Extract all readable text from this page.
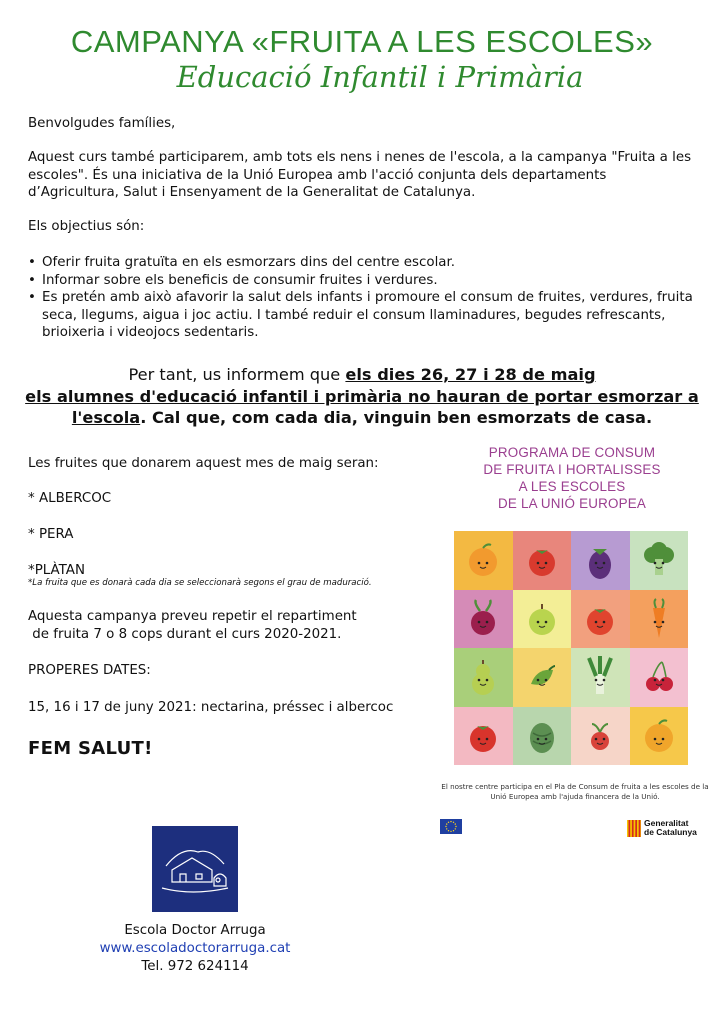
CAMPANYA «FRUITA A LES ESCOLES»
Educació Infantil i Primària
Benvolgudes famílies,
Aquest curs també participarem, amb tots els nens i nenes de l'escola, a la campanya "Fruita a les escoles". És una iniciativa de la Unió Europea amb l'acció conjunta dels departaments d’Agricultura, Salut i Ensenyament de la Generalitat de Catalunya.
Els objectius són:
• Oferir fruita gratuïta en els esmorzars dins del centre escolar.
• Informar sobre els beneficis de consumir fruites i verdures.
• Es pretén amb això afavorir la salut dels infants i promoure el consum de fruites, verdures, fruita seca, llegums, aigua i joc actiu. I també reduir el consum llaminadures, begudes refrescants, brioixeria i videojocs sedentaris.
Per tant, us informem que els dies 26, 27 i 28 de maig
els alumnes d'educació infantil i primària no hauran de portar esmorzar a l'escola. Cal que, com cada dia, vinguin ben esmorzats de casa.
Les fruites que donarem aquest mes de maig seran:
* ALBERCOC
* PERA
*PLÀTAN
*La fruita que es donarà cada dia se seleccionarà segons el grau de maduració.
Aquesta campanya preveu repetir el repartiment
de fruita 7 o 8 cops durant el curs 2020-2021.
PROPERES DATES:
15, 16 i 17 de juny 2021: nectarina, préssec i albercoc
FEM SALUT!
PROGRAMA DE CONSUM
DE FRUITA I HORTALISSES
A LES ESCOLES
DE LA UNIÓ EUROPEA
El nostre centre participa en el Pla de Consum de fruita a les escoles de la Unió Europea amb l'ajuda financera de la Unió.
Generalitat
de Catalunya
Escola Doctor Arruga
www.escoladoctorarruga.cat
Tel. 972 624114
